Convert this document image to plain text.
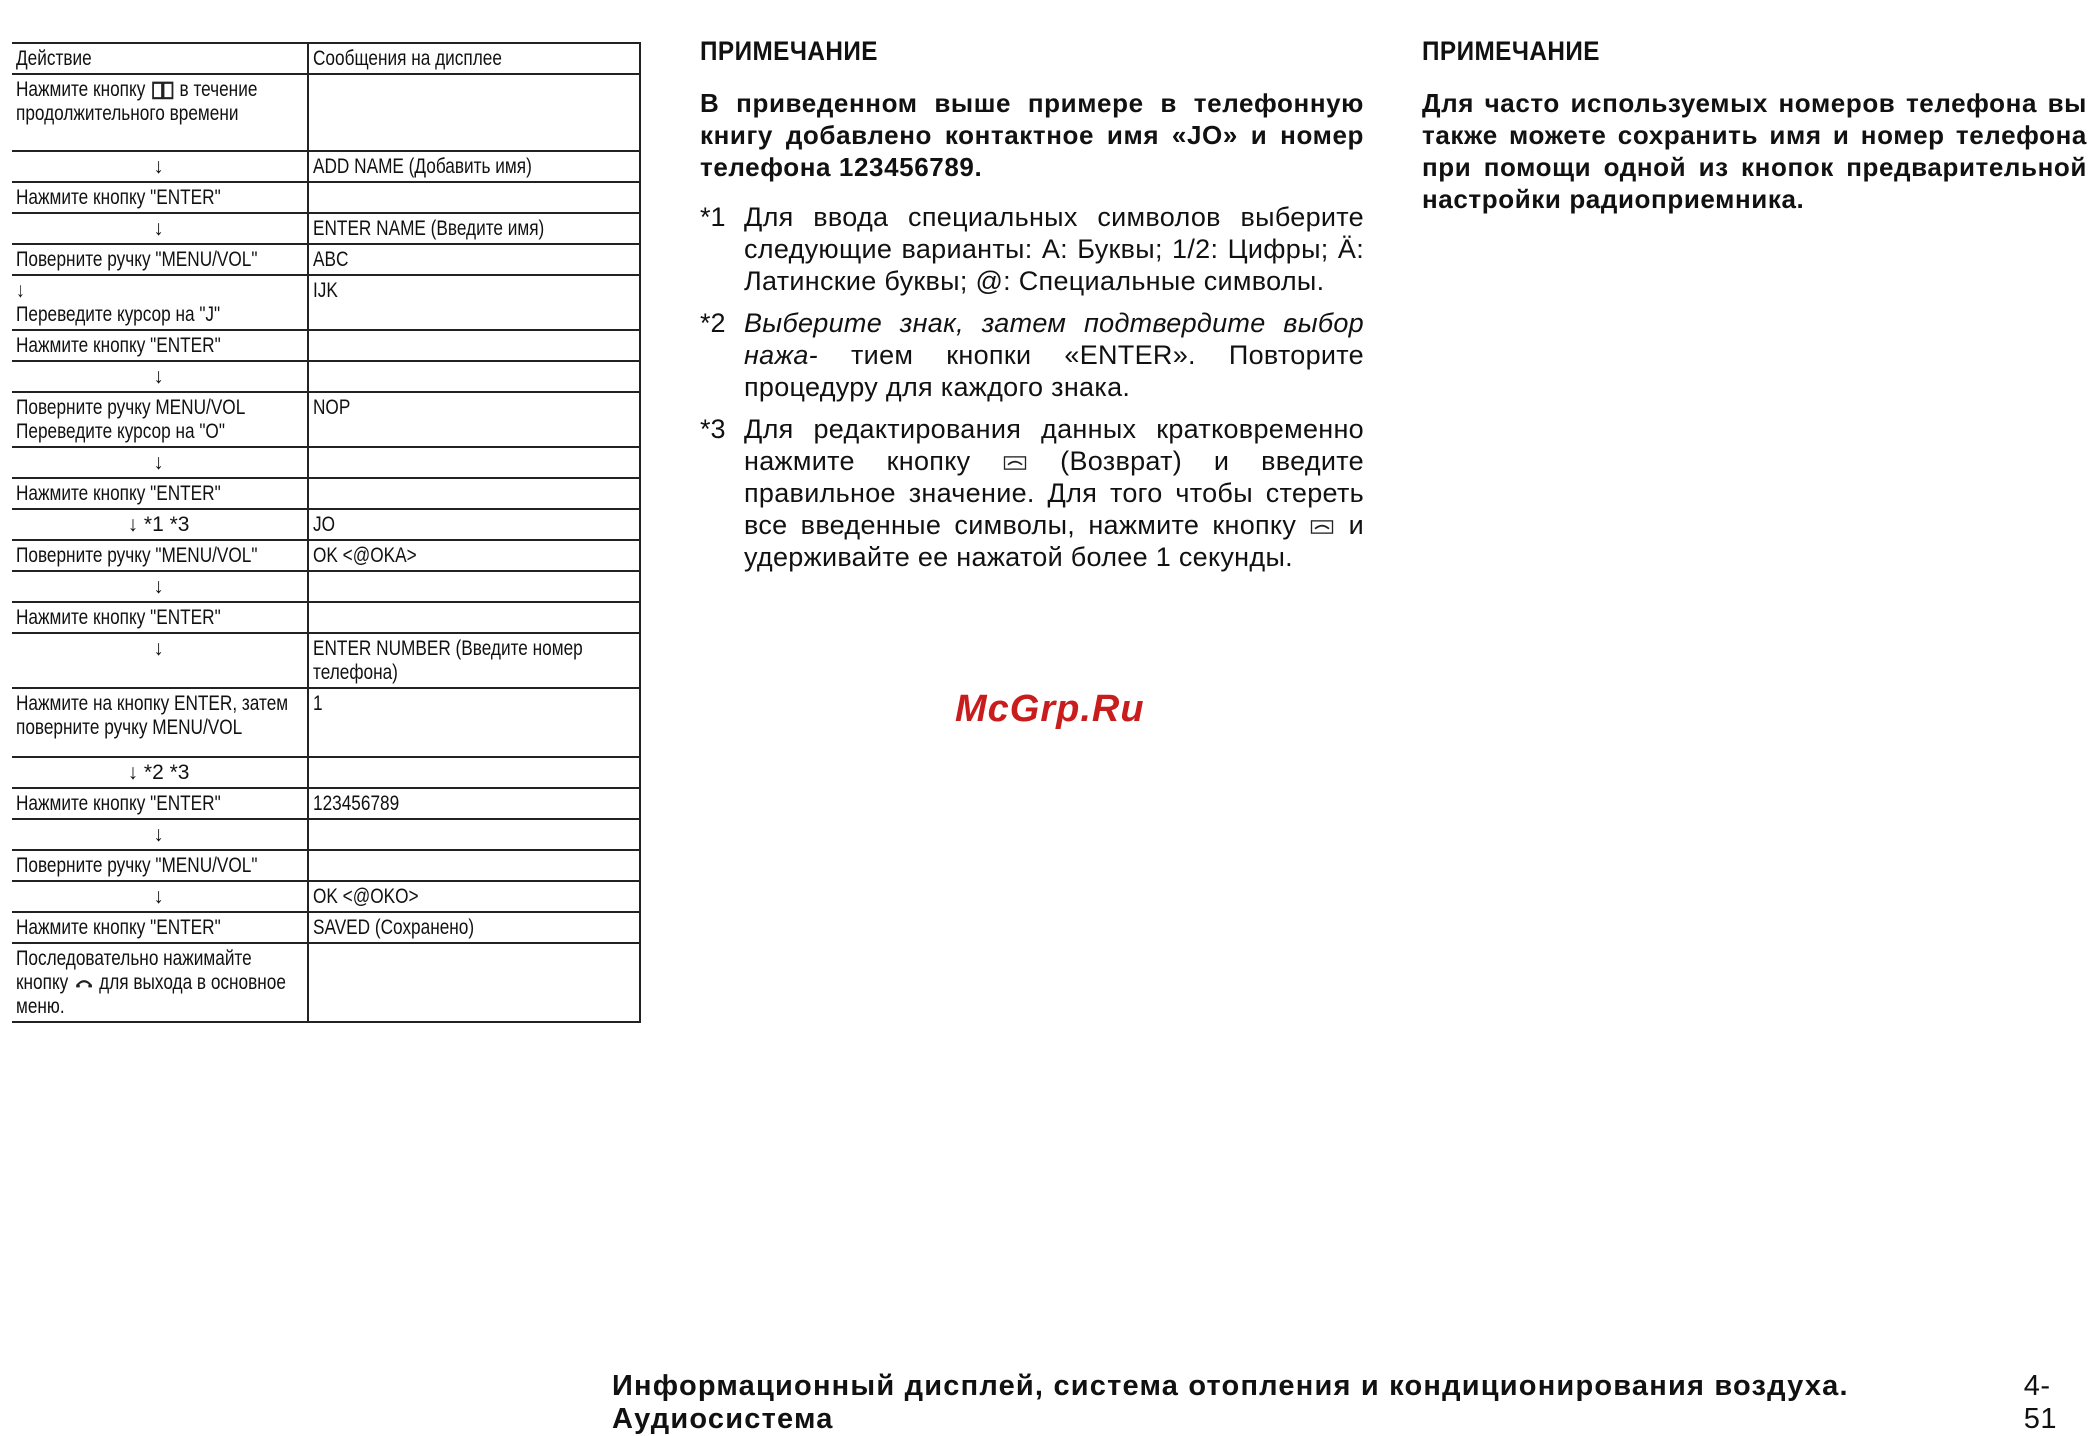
Действие	Сообщения на дисплее

Нажмите кнопку  в течение продолжительного времени	

↓	ADD NAME (Добавить имя)

Нажмите кнопку "ENTER"	

↓	ENTER NAME (Введите имя)

Поверните ручку "MENU/VOL"	ABC

↓
Переведите курсор на "J"	IJK

Нажмите кнопку "ENTER"	

↓	

Поверните ручку MENU/VOL
Переведите курсор на "O"	NOP

↓	

Нажмите кнопку "ENTER"	

↓ *1 *3	JO

Поверните ручку "MENU/VOL"	OK <@OKA>

↓	

Нажмите кнопку "ENTER"	

↓	ENTER NUMBER (Введите номер телефона)

Нажмите на кнопку ENTER, затем поверните ручку MENU/VOL	1

↓ *2 *3	

Нажмите кнопку "ENTER"	123456789

↓	

Поверните ручку "MENU/VOL"	

↓	OK <@OKO>

Нажмите кнопку "ENTER"	SAVED (Сохранено)

Последовательно нажимайте кнопку  для выхода в основное меню.	

ПРИМЕЧАНИЕ

В приведенном выше примере в телефонную книгу добавлено контактное имя «JO» и номер телефона 123456789.

*1 Для ввода специальных символов выберите следующие варианты: A: Буквы; 1/2: Цифры; Ä: Латинские буквы; @: Специальные символы.
*2 Выберите знак, затем подтвердите выбор нажа- тием кнопки «ENTER». Повторите процедуру для каждого знака.
*3 Для редактирования данных кратковременно нажмите кнопку  (Возврат) и введите правильное значение. Для того чтобы стереть все введенные символы, нажмите кнопку  и удерживайте ее нажатой более 1 секунды.
ПРИМЕЧАНИЕ

Для часто используемых номеров телефона вы также можете сохранить имя и номер телефона при помощи одной из кнопок предварительной настройки радиоприемника.

McGrp.Ru
Информационный дисплей, система отопления и кондиционирования воздуха. Аудиосистема
4-51
